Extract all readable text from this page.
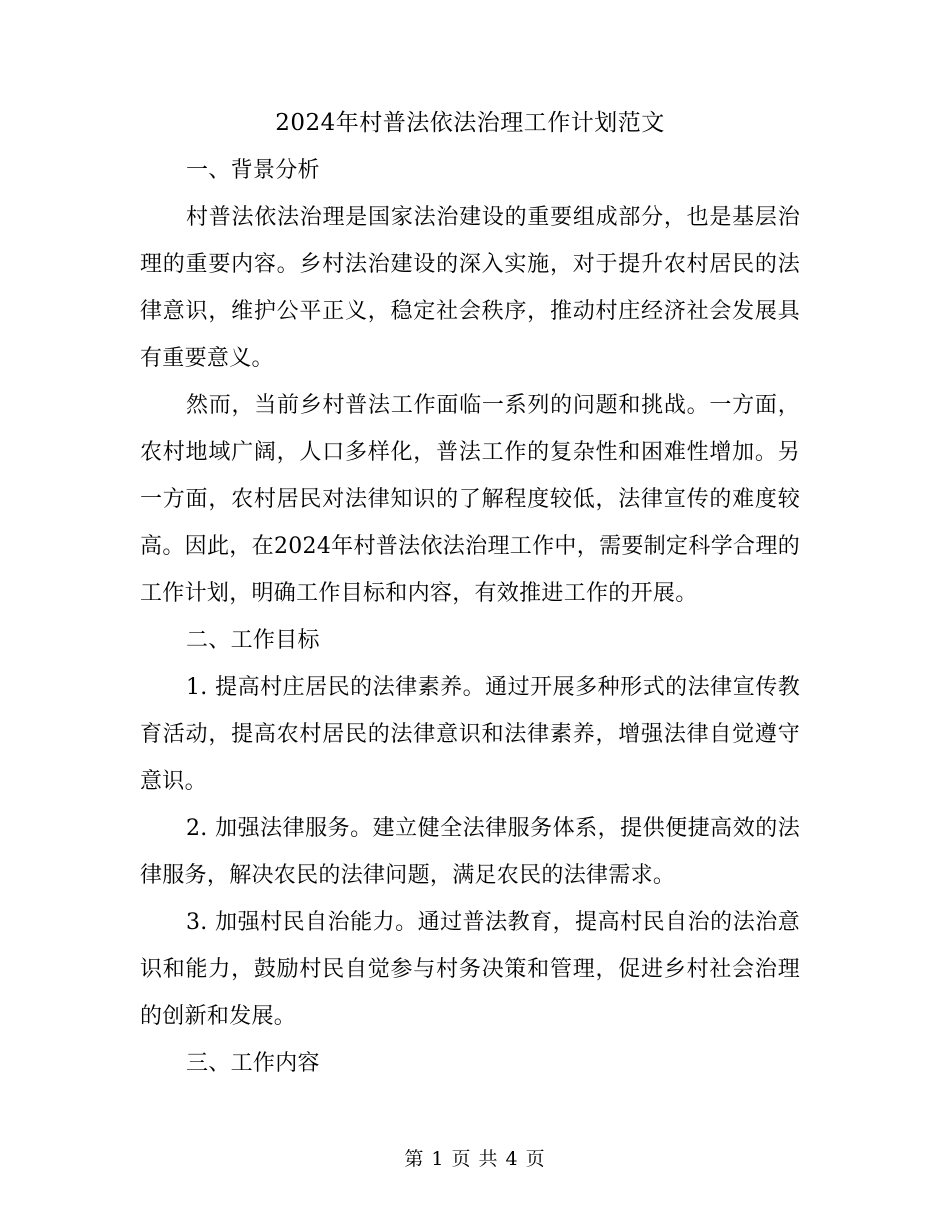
2024年村普法依法治理工作计划范文
一、背景分析

村普法依法治理是国家法治建设的重要组成部分，也是基层治理的重要内容。乡村法治建设的深入实施，对于提升农村居民的法律意识，维护公平正义，稳定社会秩序，推动村庄经济社会发展具有重要意义。

然而，当前乡村普法工作面临一系列的问题和挑战。一方面，农村地域广阔，人口多样化，普法工作的复杂性和困难性增加。另一方面，农村居民对法律知识的了解程度较低，法律宣传的难度较高。因此，在2024年村普法依法治理工作中，需要制定科学合理的工作计划，明确工作目标和内容，有效推进工作的开展。

二、工作目标

1. 提高村庄居民的法律素养。通过开展多种形式的法律宣传教育活动，提高农村居民的法律意识和法律素养，增强法律自觉遵守意识。

2. 加强法律服务。建立健全法律服务体系，提供便捷高效的法律服务，解决农民的法律问题，满足农民的法律需求。

3. 加强村民自治能力。通过普法教育，提高村民自治的法治意识和能力，鼓励村民自觉参与村务决策和管理，促进乡村社会治理的创新和发展。

三、工作内容
第 1 页 共 4 页
